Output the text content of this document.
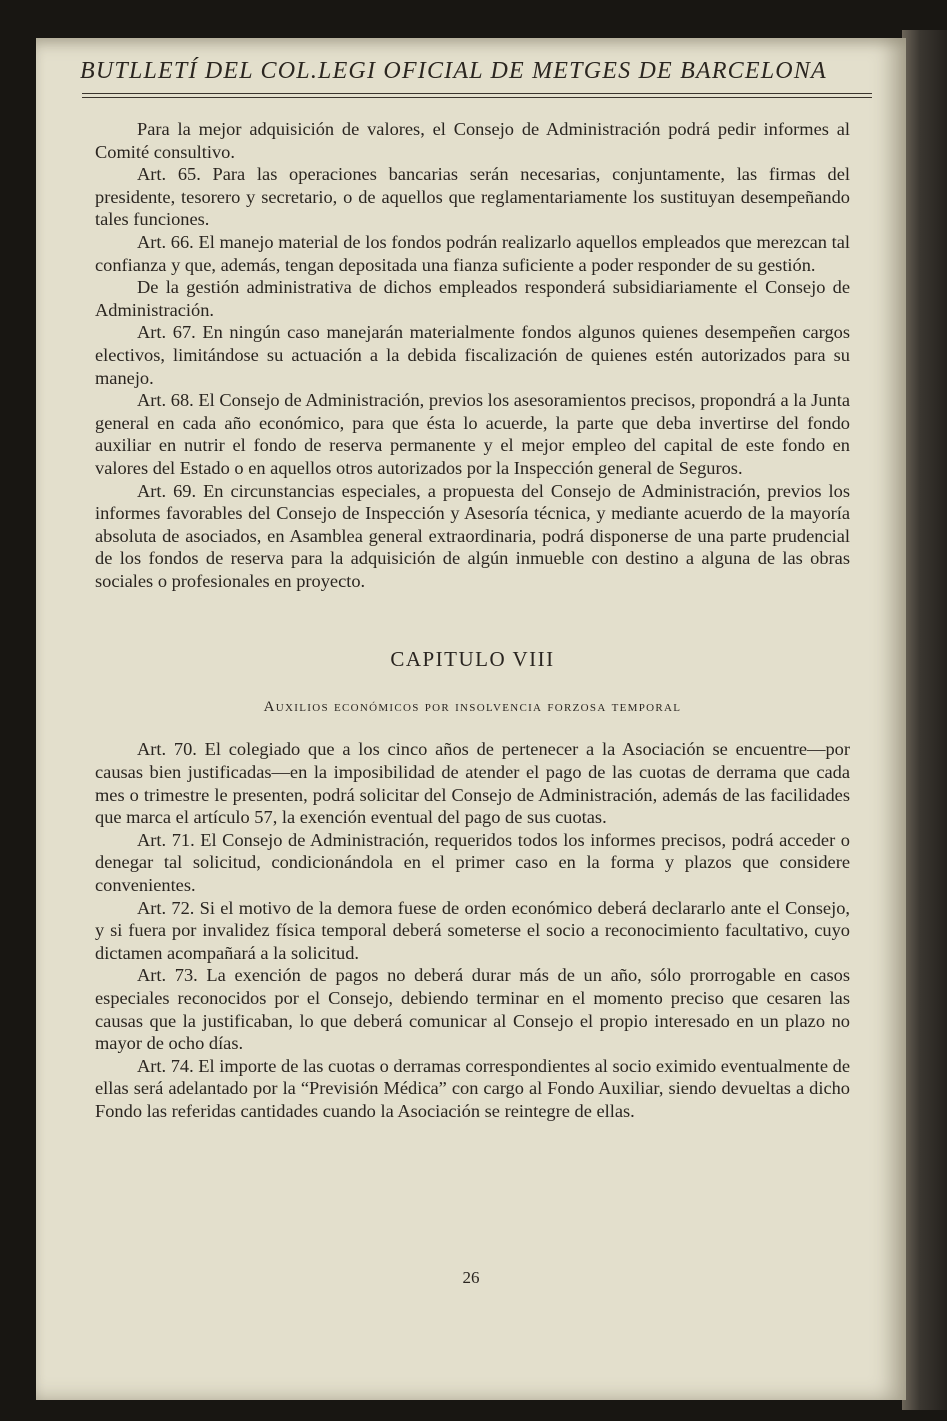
BUTLLETÍ DEL COL.LEGI OFICIAL DE METGES DE BARCELONA

Para la mejor adquisición de valores, el Consejo de Administración podrá pedir informes al Comité consultivo.

Art. 65. Para las operaciones bancarias serán necesarias, conjuntamente, las firmas del presidente, tesorero y secretario, o de aquellos que reglamentariamente los sustituyan desempeñando tales funciones.

Art. 66. El manejo material de los fondos podrán realizarlo aquellos empleados que merezcan tal confianza y que, además, tengan depositada una fianza suficiente a poder responder de su gestión.

De la gestión administrativa de dichos empleados responderá subsidiariamente el Consejo de Administración.

Art. 67. En ningún caso manejarán materialmente fondos algunos quienes desempeñen cargos electivos, limitándose su actuación a la debida fiscalización de quienes estén autorizados para su manejo.

Art. 68. El Consejo de Administración, previos los asesoramientos precisos, propondrá a la Junta general en cada año económico, para que ésta lo acuerde, la parte que deba invertirse del fondo auxiliar en nutrir el fondo de reserva permanente y el mejor empleo del capital de este fondo en valores del Estado o en aquellos otros autorizados por la Inspección general de Seguros.

Art. 69. En circunstancias especiales, a propuesta del Consejo de Administración, previos los informes favorables del Consejo de Inspección y Asesoría técnica, y mediante acuerdo de la mayoría absoluta de asociados, en Asamblea general extraordinaria, podrá disponerse de una parte prudencial de los fondos de reserva para la adquisición de algún inmueble con destino a alguna de las obras sociales o profesionales en proyecto.

CAPITULO VIII
Auxilios económicos por insolvencia forzosa temporal

Art. 70. El colegiado que a los cinco años de pertenecer a la Asociación se encuentre—por causas bien justificadas—en la imposibilidad de atender el pago de las cuotas de derrama que cada mes o trimestre le presenten, podrá solicitar del Consejo de Administración, además de las facilidades que marca el artículo 57, la exención eventual del pago de sus cuotas.

Art. 71. El Consejo de Administración, requeridos todos los informes precisos, podrá acceder o denegar tal solicitud, condicionándola en el primer caso en la forma y plazos que considere convenientes.

Art. 72. Si el motivo de la demora fuese de orden económico deberá declararlo ante el Consejo, y si fuera por invalidez física temporal deberá someterse el socio a reconocimiento facultativo, cuyo dictamen acompañará a la solicitud.

Art. 73. La exención de pagos no deberá durar más de un año, sólo prorrogable en casos especiales reconocidos por el Consejo, debiendo terminar en el momento preciso que cesaren las causas que la justificaban, lo que deberá comunicar al Consejo el propio interesado en un plazo no mayor de ocho días.

Art. 74. El importe de las cuotas o derramas correspondientes al socio eximido eventualmente de ellas será adelantado por la “Previsión Médica” con cargo al Fondo Auxiliar, siendo devueltas a dicho Fondo las referidas cantidades cuando la Asociación se reintegre de ellas.

26
